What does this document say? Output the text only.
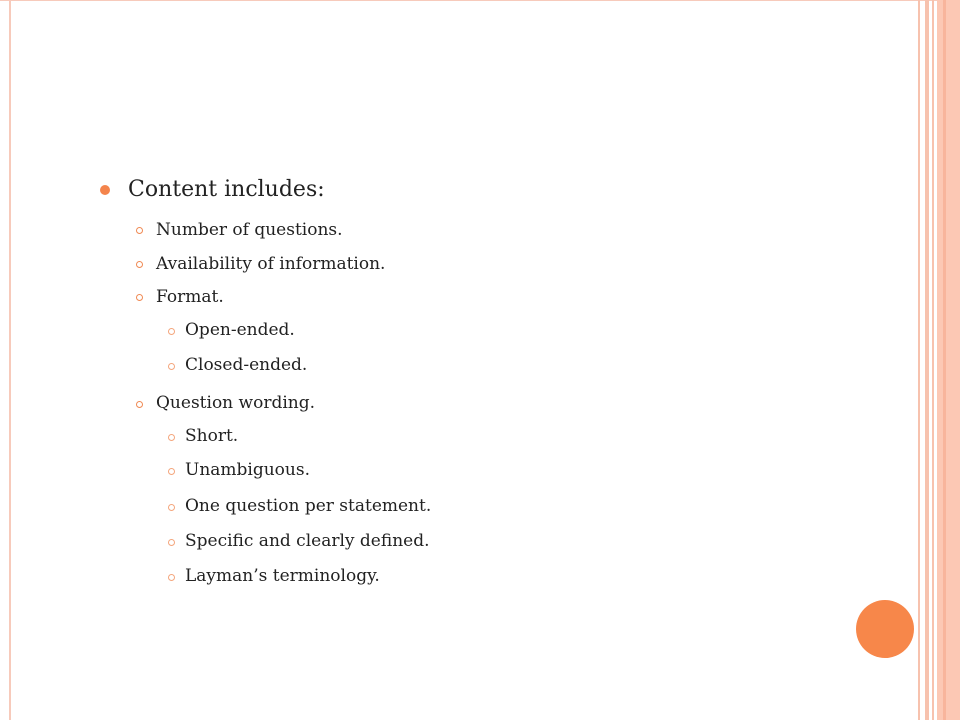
Content includes:
Number of questions.
Availability of information.
Format.
Open-ended.
Closed-ended.
Question wording.
Short.
Unambiguous.
One question per statement.
Specific and clearly defined.
Layman’s terminology.
